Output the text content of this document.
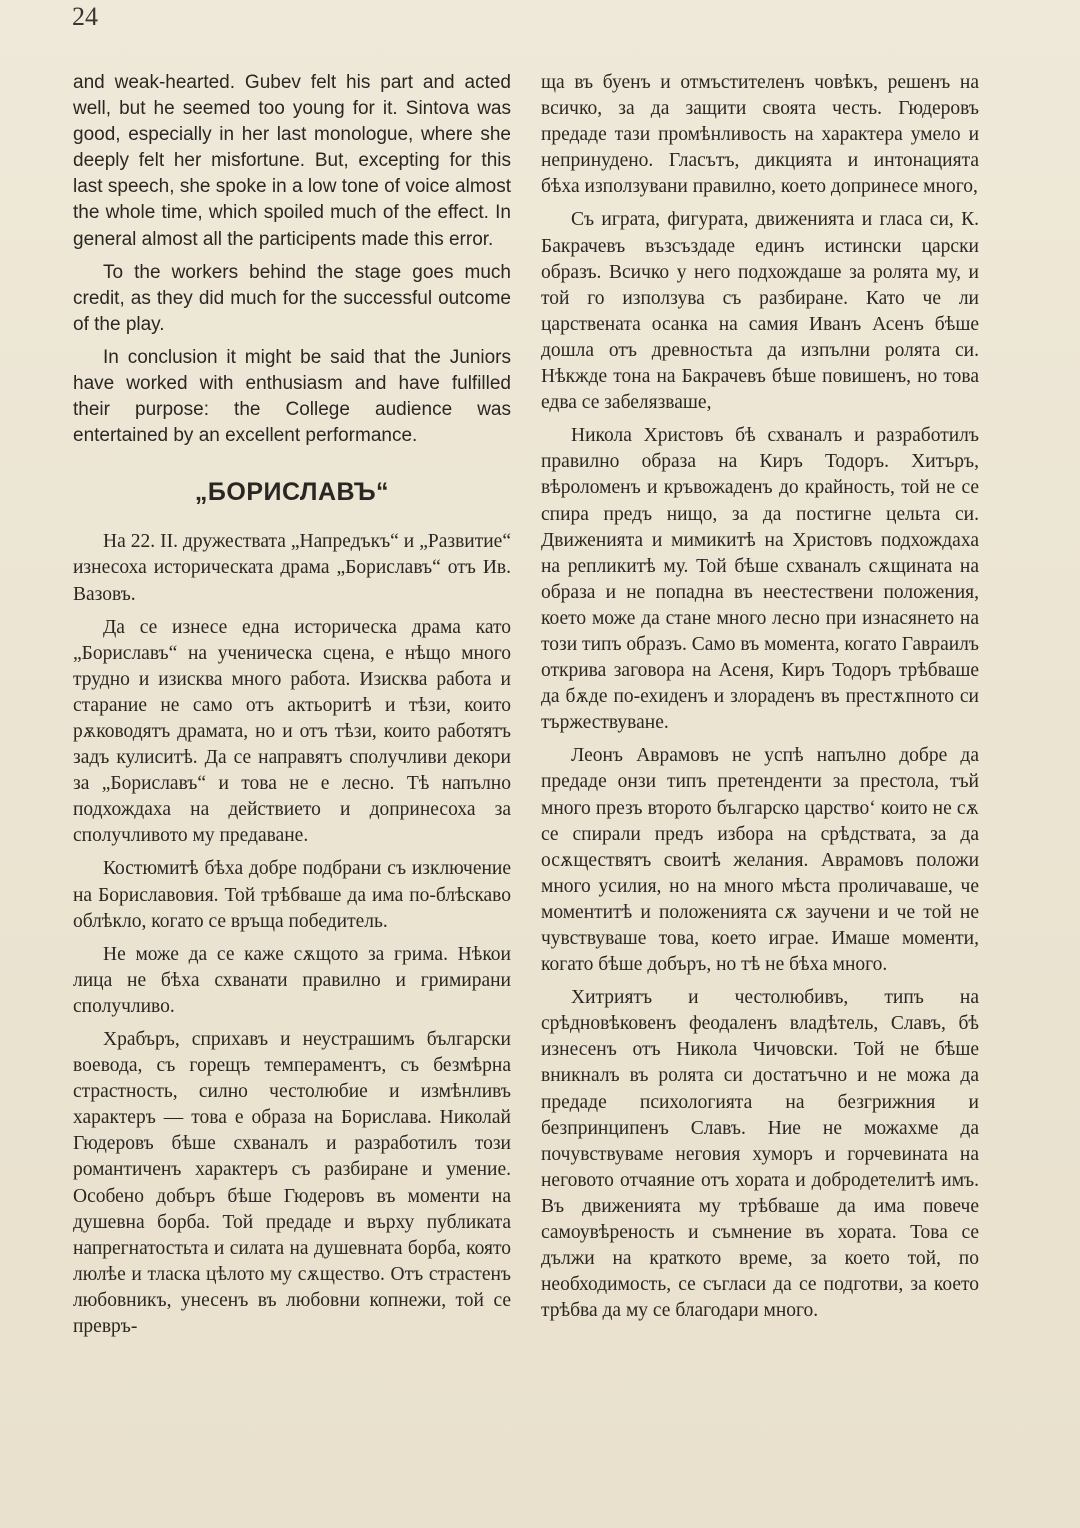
24

and weak-hearted. Gubev felt his part and acted well, but he seemed too young for it. Sintova was good, especially in her last monologue, where she deeply felt her misfortune. But, excepting for this last speech, she spoke in a low tone of voice almost the whole time, which spoiled much of the effect. In general almost all the participents made this error.

To the workers behind the stage goes much credit, as they did much for the successful outcome of the play.

In conclusion it might be said that the Juniors have worked with enthusiasm and have fulfilled their purpose: the College audience was entertained by an excellent performance.

„БОРИСЛАВЪ“

На 22. II. дружествата „Напредъкъ“ и „Развитие“ изнесоха историческата драма „Бориславъ“ отъ Ив. Вазовъ.

Да се изнесе една историческа драма като „Бориславъ“ на ученическа сцена, е нѣщо много трудно и изисква много работа. Изисква работа и старание не само отъ актьоритѣ и тѣзи, които рѫководятъ драмата, но и отъ тѣзи, които работятъ задъ кулиситѣ. Да се направятъ сполучливи декори за „Бориславъ“ и това не е лесно. Тѣ напълно подхождаха на действието и допринесоха за сполучливото му предаване.

Костюмитѣ бѣха добре подбрани съ изключение на Бориславовия. Той трѣбваше да има по-блѣскаво облѣкло, когато се връща победитель.

Не може да се каже сѫщото за грима. Нѣкои лица не бѣха схванати правилно и гримирани сполучливо.

Храбъръ, сприхавъ и неустрашимъ български воевода, съ горещъ темпераментъ, съ безмѣрна страстность, силно честолюбие и измѣнливъ характеръ — това е образа на Борислава. Николай Гюдеровъ бѣше схваналъ и разработилъ този романтиченъ характеръ съ разбиране и умение. Особено добъръ бѣше Гюдеровъ въ моменти на душевна борба. Той предаде и върху публиката напрегнатостьта и силата на душевната борба, която люлѣе и тласка цѣлото му сѫщество. Отъ страстенъ любовникъ, унесенъ въ любовни копнежи, той се превръ-

ща въ буенъ и отмъстителенъ човѣкъ, решенъ на всичко, за да защити своята честь. Гюдеровъ предаде тази промѣнливость на характера умело и непринудено. Гласътъ, дикцията и интонацията бѣха използувани правилно, което допринесе много,

Съ играта, фигурата, движенията и гласа си, К. Бакрачевъ възсъздаде единъ истински царски образъ. Всичко у него подхождаше за ролята му, и той го използува съ разбиране. Като че ли царствената осанка на самия Иванъ Асенъ бѣше дошла отъ древностьта да изпълни ролята си. Нѣкжде тона на Бакрачевъ бѣше повишенъ, но това едва се забелязваше,

Никола Христовъ бѣ схваналъ и разработилъ правилно образа на Киръ Тодоръ. Хитъръ, вѣроломенъ и кръвожаденъ до крайность, той не се спира предъ нищо, за да постигне цельта си. Движенията и мимикитѣ на Христовъ подхождаха на репликитѣ му. Той бѣше схваналъ сѫщината на образа и не попадна въ неестествени положения, което може да стане много лесно при изнасянето на този типъ образъ. Само въ момента, когато Гавраилъ открива заговора на Асеня, Киръ Тодоръ трѣбваше да бѫде по-ехиденъ и злорaденъ въ престѫпното си тържествуване.

Леонъ Аврамовъ не успѣ напълно добре да предаде онзи типъ претенденти за престола, тъй много презъ второто българско царство‘ които не сѫ се спирали предъ избора на срѣдствата, за да осѫществятъ своитѣ желания. Аврамовъ положи много усилия, но на много мѣста проличаваше, че моментитѣ и положенията сѫ заучени и че той не чувствуваше това, което играе. Имаше моменти, когато бѣше добъръ, но тѣ не бѣха много.

Хитриятъ и честолюбивъ, типъ на срѣдновѣковенъ феодаленъ владѣтель, Славъ, бѣ изнесенъ отъ Никола Чичовски. Той не бѣше вникналъ въ ролята си достатъчно и не можа да предаде психологията на безгрижния и безпринципенъ Славъ. Ние не можахме да почувствуваме неговия хуморъ и горчевината на неговото отчаяние отъ хората и добродетелитѣ имъ. Въ движенията му трѣбваше да има повече самоувѣреность и съмнение въ хората. Това се дължи на краткото време, за което той, по необходимость, се съгласи да се подготви, за което трѣбва да му се благодари много.
